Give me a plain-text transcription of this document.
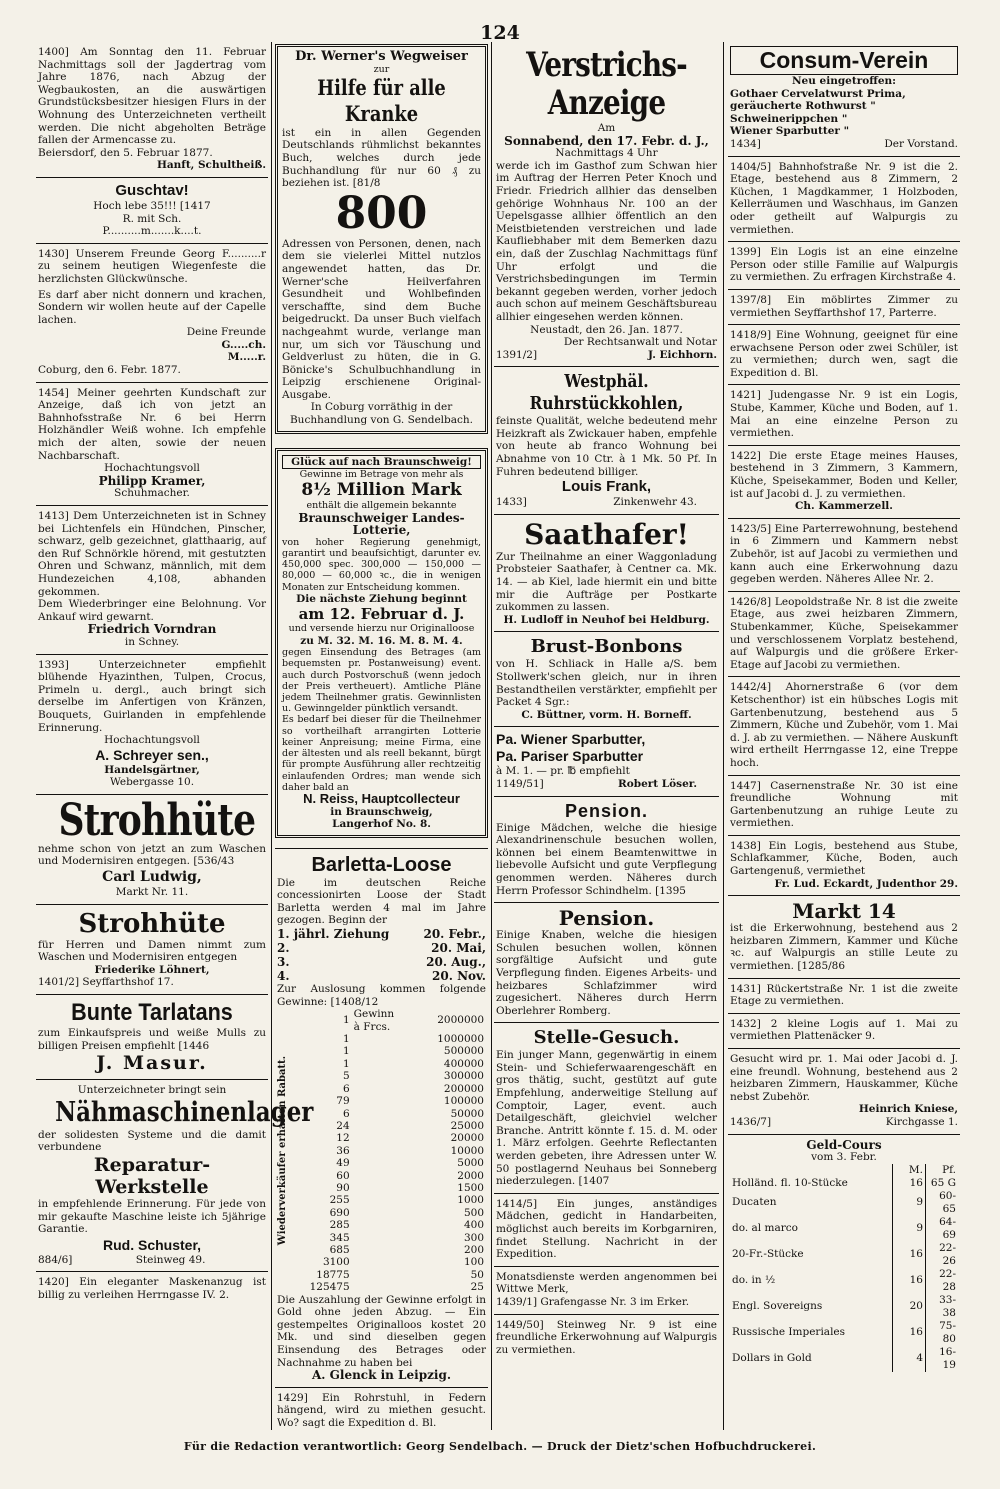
124

1400] Am Sonntag den 11. Februar Nachmittags soll der Jagdertrag vom Jahre 1876, nach Abzug der Wegbaukosten, an die auswärtigen Grundstücksbesitzer hiesigen Flurs in der Wohnung des Unterzeichneten vertheilt werden. Die nicht abgeholten Beträge fallen der Armencasse zu.

Beiersdorf, den 5. Februar 1877.

Hanft, Schultheiß.

Guschtav!

Hoch lebe 35!!! [1417

R. mit Sch.

P..........m.......k....t.

1430] Unserem Freunde Georg F..........r zu seinem heutigen Wiegenfeste die herzlichsten Glückwünsche.

Es darf aber nicht donnern und krachen, Sondern wir wollen heute auf der Capelle lachen.

Deine Freunde

G.....ch.

M.....r.

Coburg, den 6. Febr. 1877.

1454] Meiner geehrten Kundschaft zur Anzeige, daß ich von jetzt an Bahnhofsstraße Nr. 6 bei Herrn Holzhändler Weiß wohne. Ich empfehle mich der alten, sowie der neuen Nachbarschaft.

Hochachtungsvoll

Philipp Kramer,

Schuhmacher.

1413] Dem Unterzeichneten ist in Schney bei Lichtenfels ein Hündchen, Pinscher, schwarz, gelb gezeichnet, glatthaarig, auf den Ruf Schnörkle hörend, mit gestutzten Ohren und Schwanz, männlich, mit dem Hundezeichen 4,108, abhanden gekommen.

Dem Wiederbringer eine Belohnung. Vor Ankauf wird gewarnt.

Friedrich Vorndran

in Schney.

1393] Unterzeichneter empfiehlt blühende Hyazinthen, Tulpen, Crocus, Primeln u. dergl., auch bringt sich derselbe im Anfertigen von Kränzen, Bouquets, Guirlanden in empfehlende Erinnerung.

Hochachtungsvoll

A. Schreyer sen.,

Handelsgärtner,

Webergasse 10.

Strohhüte

nehme schon von jetzt an zum Waschen und Modernisiren entgegen. [536/43

Carl Ludwig,

Markt Nr. 11.

Strohhüte

für Herren und Damen nimmt zum Waschen und Modernisiren entgegen

Friederike Löhnert,

1401/2] Seyffarthshof 17.

Bunte Tarlatans

zum Einkaufspreis und weiße Mulls zu billigen Preisen empfiehlt [1446

J. Masur.

Unterzeichneter bringt sein

Nähmaschinenlager

der solidesten Systeme und die damit verbundene

Reparatur-Werkstelle

in empfehlende Erinnerung. Für jede von mir gekaufte Maschine leiste ich 5jährige Garantie.

Rud. Schuster,

884/6]	Steinweg 49.

1420] Ein eleganter Maskenanzug ist billig zu verleihen Herrngasse IV. 2.

Dr. Werner's Wegweiser
zur
Hilfe für alle Kranke

ist ein in allen Gegenden Deutschlands rühmlichst bekanntes Buch, welches durch jede Buchhandlung für nur 60 ₰ zu beziehen ist. [81/8

800

Adressen von Personen, denen, nach dem sie vielerlei Mittel nutzlos angewendet hatten, das Dr. Werner'sche Heilverfahren Gesundheit und Wohlbefinden verschaffte, sind dem Buche beigedruckt. Da unser Buch vielfach nachgeahmt wurde, verlange man nur, um sich vor Täuschung und Geldverlust zu hüten, die in G. Bönicke's Schulbuchhandlung in Leipzig erschienene Original-Ausgabe.

In Coburg vorräthig in der Buchhandlung von G. Sendelbach.

Glück auf nach Braunschweig!

Gewinne im Betrage von mehr als

8½ Million Mark

enthält die allgemein bekannte

Braunschweiger Landes-Lotterie,

von hoher Regierung genehmigt, garantirt und beaufsichtigt, darunter ev. 450,000 spec. 300,000 — 150,000 — 80,000 — 60,000 ꝛc., die in wenigen Monaten zur Entscheidung kommen.

Die nächste Ziehung beginnt

am 12. Februar d. J.

und versende hierzu nur Originalloose

zu M. 32. M. 16. M. 8. M. 4.

gegen Einsendung des Betrages (am bequemsten pr. Postanweisung) event. auch durch Postvorschuß (wenn jedoch der Preis vertheuert). Amtliche Pläne jedem Theilnehmer gratis. Gewinnlisten u. Gewinngelder pünktlich versandt.

Es bedarf bei dieser für die Theilnehmer so vortheilhaft arrangirten Lotterie keiner Anpreisung; meine Firma, eine der ältesten und als reell bekannt, bürgt für prompte Ausführung aller rechtzeitig einlaufenden Ordres; man wende sich daher bald an

N. Reiss, Hauptcollecteur

in Braunschweig,

Langerhof No. 8.

Barletta-Loose

Die im deutschen Reiche concessionirten Loose der Stadt Barletta werden 4 mal im Jahre gezogen. Beginn der

1. jährl. Ziehung	20. Febr.,
2.	20. Mai,
3.	20. Aug.,
4.	20. Nov.

Zur Auslosung kommen folgende Gewinne: [1408/12

Wiederverkäufer erhalten Rabatt.
1	Gewinn à Frcs.	2000000
1		1000000
1		500000
1		400000
5		300000
6		200000
79		100000
6		50000
24		25000
12		20000
36		10000
49		5000
60		2000
90		1500
255		1000
690		500
285		400
345		300
685		200
3100		100
18775		50
125475		25

Die Auszahlung der Gewinne erfolgt in Gold ohne jeden Abzug. — Ein gestempeltes Originalloos kostet 20 Mk. und sind dieselben gegen Einsendung des Betrages oder Nachnahme zu haben bei

A. Glenck in Leipzig.

1429] Ein Rohrstuhl, in Federn hängend, wird zu miethen gesucht. Wo? sagt die Expedition d. Bl.

Verstrichs-Anzeige

Am

Sonnabend, den 17. Febr. d. J.,

Nachmittags 4 Uhr

werde ich im Gasthof zum Schwan hier im Auftrag der Herren Peter Knoch und Friedr. Friedrich allhier das denselben gehörige Wohnhaus Nr. 100 an der Uepelsgasse allhier öffentlich an den Meistbietenden verstreichen und lade Kaufliebhaber mit dem Bemerken dazu ein, daß der Zuschlag Nachmittags fünf Uhr erfolgt und die Verstrichsbedingungen im Termin bekannt gegeben werden, vorher jedoch auch schon auf meinem Geschäftsbureau allhier eingesehen werden können.

Neustadt, den 26. Jan. 1877.

Der Rechtsanwalt und Notar

1391/2]	J. Eichhorn.

Westphäl. Ruhrstückkohlen,

feinste Qualität, welche bedeutend mehr Heizkraft als Zwickauer haben, empfehle von heute ab franco Wohnung bei Abnahme von 10 Ctr. à 1 Mk. 50 Pf. In Fuhren bedeutend billiger.

Louis Frank,

1433]	Zinkenwehr 43.

Saathafer!

Zur Theilnahme an einer Waggonladung Probsteier Saathafer, à Centner ca. Mk. 14. — ab Kiel, lade hiermit ein und bitte mir die Aufträge per Postkarte zukommen zu lassen.

H. Ludloff in Neuhof bei Heldburg.

Brust-Bonbons

von H. Schliack in Halle a/S. bem Stollwerk'schen gleich, nur in ihren Bestandtheilen verstärkter, empfiehlt per Packet 4 Sgr.:

C. Büttner, vorm. H. Borneff.

Pa. Wiener Sparbutter,
Pa. Pariser Sparbutter

à M. 1. — pr. ℔ empfiehlt

1149/51]	Robert Löser.

Pension.

Einige Mädchen, welche die hiesige Alexandrinenschule besuchen wollen, können bei einem Beamtenwittwe in liebevolle Aufsicht und gute Verpflegung genommen werden. Näheres durch Herrn Professor Schindhelm. [1395

Pension.

Einige Knaben, welche die hiesigen Schulen besuchen wollen, können sorgfältige Aufsicht und gute Verpflegung finden. Eigenes Arbeits- und heizbares Schlafzimmer wird zugesichert. Näheres durch Herrn Oberlehrer Romberg.

Stelle-Gesuch.

Ein junger Mann, gegenwärtig in einem Stein- und Schieferwaarengeschäft en gros thätig, sucht, gestützt auf gute Empfehlung, anderweitige Stellung auf Comptoir, Lager, event. auch Detailgeschäft, gleichviel welcher Branche. Antritt könnte f. 15. d. M. oder 1. März erfolgen. Geehrte Reflectanten werden gebeten, ihre Adressen unter W. 50 postlagernd Neuhaus bei Sonneberg niederzulegen. [1407

1414/5] Ein junges, anständiges Mädchen, gedicht in Handarbeiten, möglichst auch bereits im Korbgarniren, findet Stellung. Nachricht in der Expedition.

Monatsdienste werden angenommen bei Wittwe Merk,

1439/1] Grafengasse Nr. 3 im Erker.

1449/50] Steinweg Nr. 9 ist eine freundliche Erkerwohnung auf Walpurgis zu vermiethen.

Consum-Verein

Neu eingetroffen:

Gothaer Cervelatwurst Prima,

geräucherte Rothwurst "

Schweinerippchen "

Wiener Sparbutter "

1434]	Der Vorstand.

1404/5] Bahnhofstraße Nr. 9 ist die 2. Etage, bestehend aus 8 Zimmern, 2 Küchen, 1 Magdkammer, 1 Holzboden, Kellerräumen und Waschhaus, im Ganzen oder getheilt auf Walpurgis zu vermiethen.

1399] Ein Logis ist an eine einzelne Person oder stille Familie auf Walpurgis zu vermiethen. Zu erfragen Kirchstraße 4.

1397/8] Ein möblirtes Zimmer zu vermiethen Seyffarthshof 17, Parterre.

1418/9] Eine Wohnung, geeignet für eine erwachsene Person oder zwei Schüler, ist zu vermiethen; durch wen, sagt die Expedition d. Bl.

1421] Judengasse Nr. 9 ist ein Logis, Stube, Kammer, Küche und Boden, auf 1. Mai an eine einzelne Person zu vermiethen.

1422] Die erste Etage meines Hauses, bestehend in 3 Zimmern, 3 Kammern, Küche, Speisekammer, Boden und Keller, ist auf Jacobi d. J. zu vermiethen.

Ch. Kammerzell.

1423/5] Eine Parterrewohnung, bestehend in 6 Zimmern und Kammern nebst Zubehör, ist auf Jacobi zu vermiethen und kann auch eine Erkerwohnung dazu gegeben werden. Näheres Allee Nr. 2.

1426/8] Leopoldstraße Nr. 8 ist die zweite Etage, aus zwei heizbaren Zimmern, Stubenkammer, Küche, Speisekammer und verschlossenem Vorplatz bestehend, auf Walpurgis und die größere Erker-Etage auf Jacobi zu vermiethen.

1442/4] Ahornerstraße 6 (vor dem Ketschenthor) ist ein hübsches Logis mit Gartenbenutzung, bestehend aus 5 Zimmern, Küche und Zubehör, vom 1. Mai d. J. ab zu vermiethen. — Nähere Auskunft wird ertheilt Herrngasse 12, eine Treppe hoch.

1447] Casernenstraße Nr. 30 ist eine freundliche Wohnung mit Gartenbenutzung an ruhige Leute zu vermiethen.

1438] Ein Logis, bestehend aus Stube, Schlafkammer, Küche, Boden, auch Gartengenuß, vermiethet

Fr. Lud. Eckardt, Judenthor 29.

Markt 14

ist die Erkerwohnung, bestehend aus 2 heizbaren Zimmern, Kammer und Küche ꝛc. auf Walpurgis an stille Leute zu vermiethen. [1285/86

1431] Rückertstraße Nr. 1 ist die zweite Etage zu vermiethen.

1432] 2 kleine Logis auf 1. Mai zu vermiethen Plattenäcker 9.

Gesucht wird pr. 1. Mai oder Jacobi d. J. eine freundl. Wohnung, bestehend aus 2 heizbaren Zimmern, Hauskammer, Küche nebst Zubehör.

Heinrich Kniese,

1436/7]	Kirchgasse 1.

Geld-Cours

vom 3. Febr.

	M.	Pf.
Holländ. fl. 10-Stücke	16	65 G
Ducaten	9	60-65
do. al marco	9	64-69
20-Fr.-Stücke	16	22-26
do. in ½	16	22-28
Engl. Sovereigns	20	33-38
Russische Imperiales	16	75-80
Dollars in Gold	4	16-19
Für die Redaction verantwortlich: Georg Sendelbach. — Druck der Dietz'schen Hofbuchdruckerei.
